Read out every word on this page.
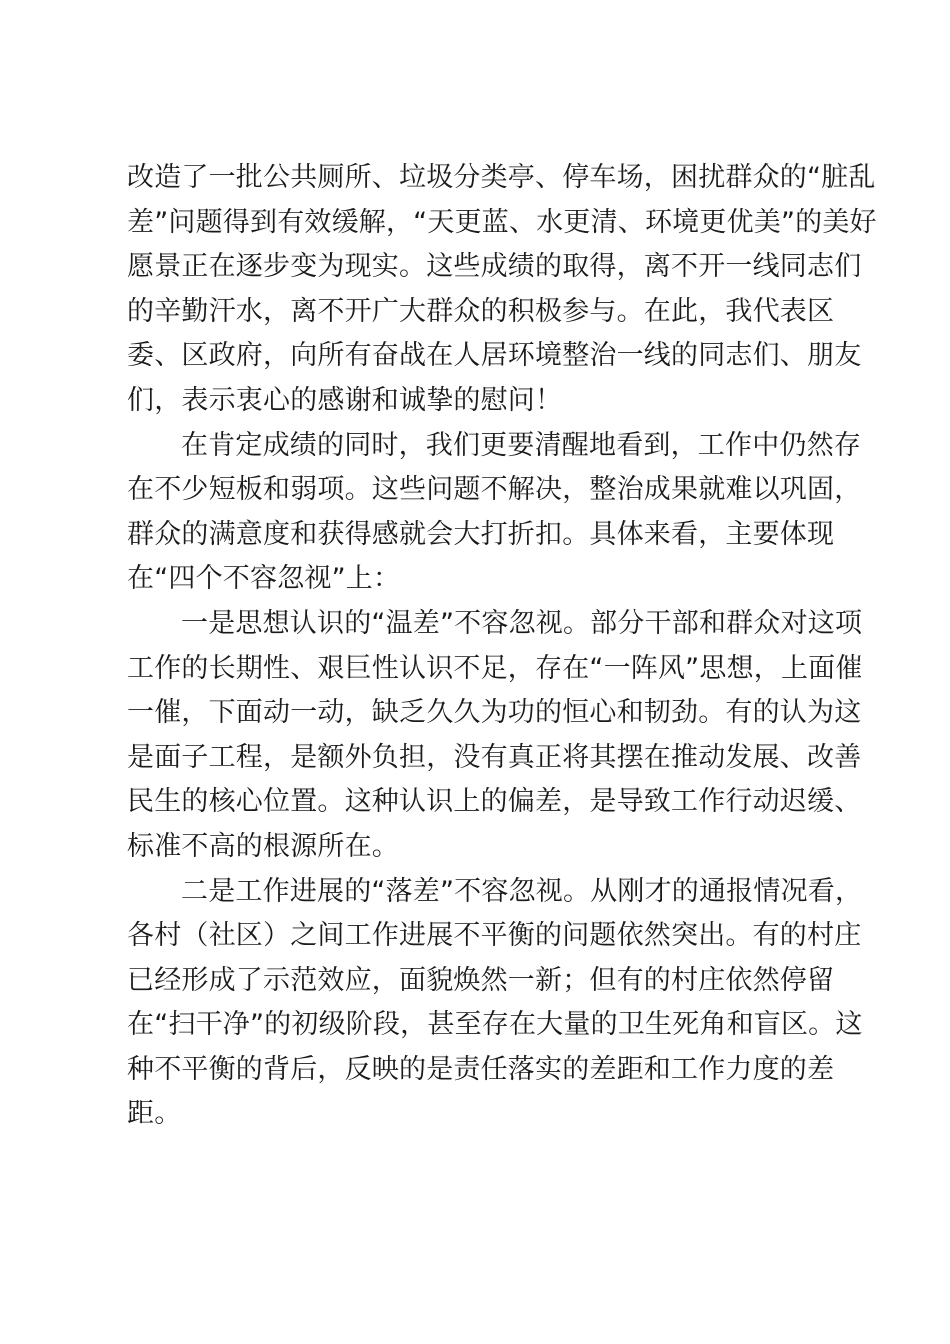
改造了一批公共厕所、垃圾分类亭、停车场，困扰群众的“脏乱
差”问题得到有效缓解，“天更蓝、水更清、环境更优美”的美好
愿景正在逐步变为现实。这些成绩的取得，离不开一线同志们
的辛勤汗水，离不开广大群众的积极参与。在此，我代表区
委、区政府，向所有奋战在人居环境整治一线的同志们、朋友
们，表示衷心的感谢和诚挚的慰问！
在肯定成绩的同时，我们更要清醒地看到，工作中仍然存
在不少短板和弱项。这些问题不解决，整治成果就难以巩固，
群众的满意度和获得感就会大打折扣。具体来看，主要体现
在“四个不容忽视”上：
一是思想认识的“温差”不容忽视。部分干部和群众对这项
工作的长期性、艰巨性认识不足，存在“一阵风”思想，上面催
一催，下面动一动，缺乏久久为功的恒心和韧劲。有的认为这
是面子工程，是额外负担，没有真正将其摆在推动发展、改善
民生的核心位置。这种认识上的偏差，是导致工作行动迟缓、
标准不高的根源所在。
二是工作进展的“落差”不容忽视。从刚才的通报情况看，
各村（社区）之间工作进展不平衡的问题依然突出。有的村庄
已经形成了示范效应，面貌焕然一新；但有的村庄依然停留
在“扫干净”的初级阶段，甚至存在大量的卫生死角和盲区。这
种不平衡的背后，反映的是责任落实的差距和工作力度的差
距。
